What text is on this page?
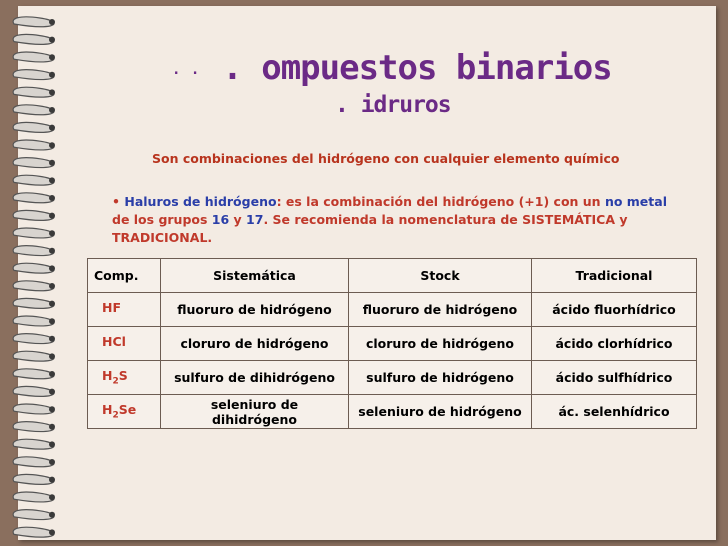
. . . ompuestos binarios
. idruros
Son combinaciones del hidrógeno con cualquier elemento químico
• Haluros de hidrógeno: es la combinación del hidrógeno (+1) con un no metal
de los grupos 16 y 17. Se recomienda la nomenclatura de SISTEMÁTICA y TRADICIONAL.
Comp.	Sistemática	Stock	Tradicional
HF	fluoruro de hidrógeno	fluoruro de hidrógeno	ácido fluorhídrico
HCl	cloruro de hidrógeno	cloruro de hidrógeno	ácido clorhídrico
$H_2S$	sulfuro de dihidrógeno	sulfuro de hidrógeno	ácido sulfhídrico
$H_2Se$	seleniuro de dihidrógeno	seleniuro de hidrógeno	ác. selenhídrico
